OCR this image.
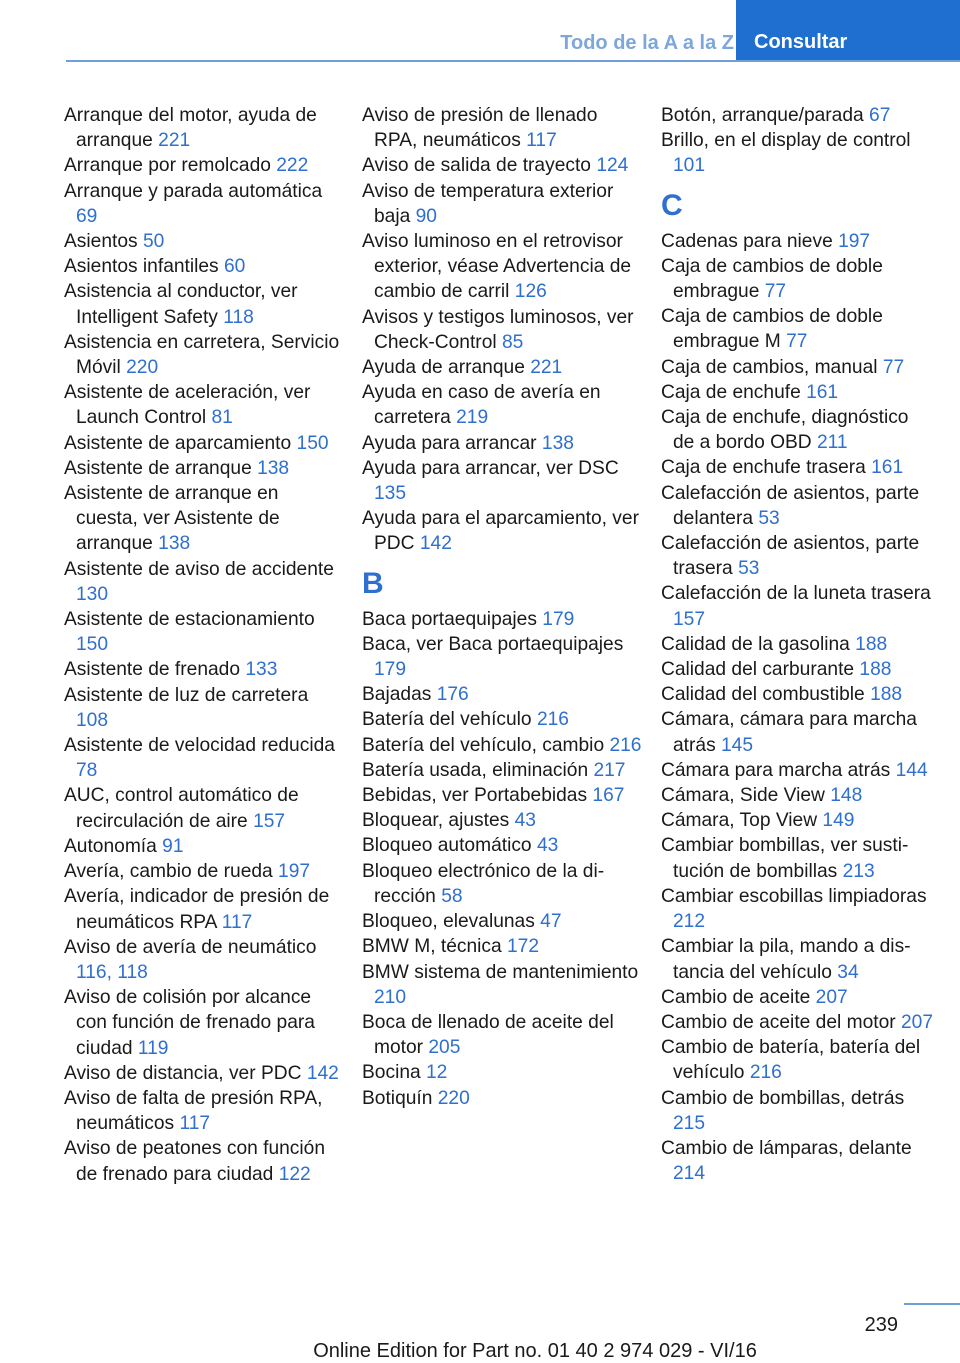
Todo de la A a la Z Consultar
Arranque del motor, ayuda de arranque 221
Arranque por remolcado 222
Arranque y parada automática 69
Asientos 50
Asientos infantiles 60
Asistencia al conductor, ver Intelligent Safety 118
Asistencia en carretera, Servicio Móvil 220
Asistente de aceleración, ver Launch Control 81
Asistente de aparcamiento 150
Asistente de arranque 138
Asistente de arranque en cuesta, ver Asistente de arranque 138
Asistente de aviso de accidente 130
Asistente de estacionamiento 150
Asistente de frenado 133
Asistente de luz de carretera 108
Asistente de velocidad reducida 78
AUC, control automático de recirculación de aire 157
Autonomía 91
Avería, cambio de rueda 197
Avería, indicador de presión de neumáticos RPA 117
Aviso de avería de neumático 116, 118
Aviso de colisión por alcance con función de frenado para ciudad 119
Aviso de distancia, ver PDC 142
Aviso de falta de presión RPA, neumáticos 117
Aviso de peatones con función de frenado para ciudad 122
Aviso de presión de llenado RPA, neumáticos 117
Aviso de salida de trayecto 124
Aviso de temperatura exterior baja 90
Aviso luminoso en el retrovisor exterior, véase Advertencia de cambio de carril 126
Avisos y testigos luminosos, ver Check-Control 85
Ayuda de arranque 221
Ayuda en caso de avería en carretera 219
Ayuda para arrancar 138
Ayuda para arrancar, ver DSC 135
Ayuda para el aparcamiento, ver PDC 142
B
Baca portaequipajes 179
Baca, ver Baca portaequipajes 179
Bajadas 176
Batería del vehículo 216
Batería del vehículo, cambio 216
Batería usada, eliminación 217
Bebidas, ver Portabebidas 167
Bloquear, ajustes 43
Bloqueo automático 43
Bloqueo electrónico de la dirección 58
Bloqueo, elevalunas 47
BMW M, técnica 172
BMW sistema de mantenimiento 210
Boca de llenado de aceite del motor 205
Bocina 12
Botiquín 220
Botón, arranque/parada 67
Brillo, en el display de control 101
C
Cadenas para nieve 197
Caja de cambios de doble embrague 77
Caja de cambios de doble embrague M 77
Caja de cambios, manual 77
Caja de enchufe 161
Caja de enchufe, diagnóstico de a bordo OBD 211
Caja de enchufe trasera 161
Calefacción de asientos, parte delantera 53
Calefacción de asientos, parte trasera 53
Calefacción de la luneta trasera 157
Calidad de la gasolina 188
Calidad del carburante 188
Calidad del combustible 188
Cámara, cámara para marcha atrás 145
Cámara para marcha atrás 144
Cámara, Side View 148
Cámara, Top View 149
Cambiar bombillas, ver sustitución de bombillas 213
Cambiar escobillas limpiadoras 212
Cambiar la pila, mando a distancia del vehículo 34
Cambio de aceite 207
Cambio de aceite del motor 207
Cambio de batería, batería del vehículo 216
Cambio de bombillas, detrás 215
Cambio de lámparas, delante 214
239
Online Edition for Part no. 01 40 2 974 029 - VI/16
